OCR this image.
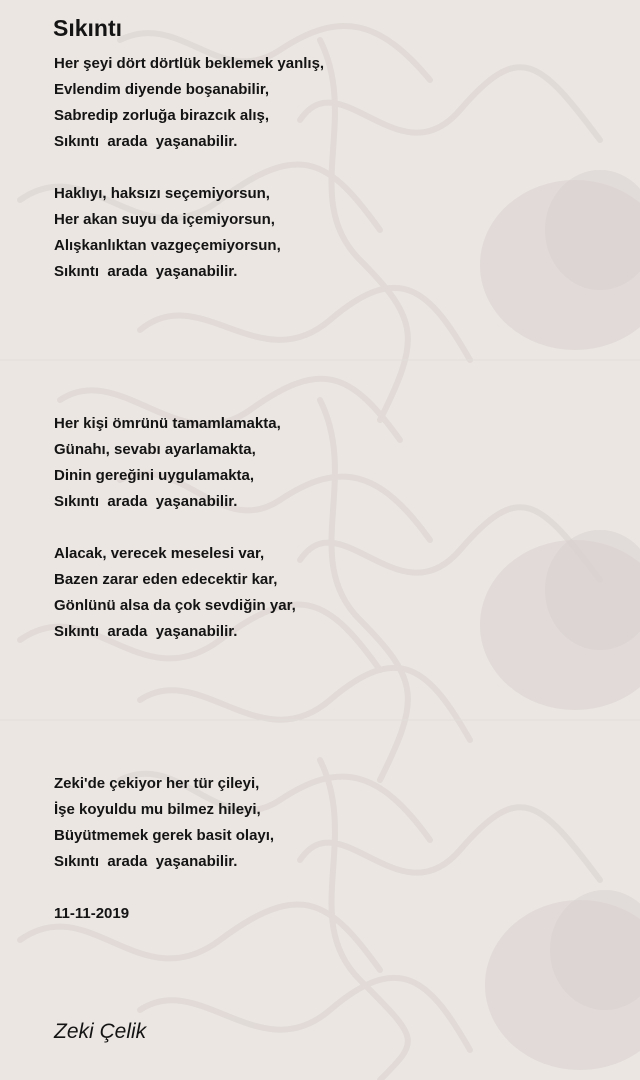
Sıkıntı
Her şeyi dört dörtlük beklemek yanlış,
Evlendim diyende boşanabilir,
Sabredip zorluğa birazcık alış,
Sıkıntı  arada  yaşanabilir.
Haklıyı, haksızı seçemiyorsun,
Her akan suyu da içemiyorsun,
Alışkanlıktan vazgeçemiyorsun,
Sıkıntı  arada  yaşanabilir.
Her kişi ömrünü tamamlamakta,
Günahı, sevabı ayarlamakta,
Dinin gereğini uygulamakta,
Sıkıntı  arada  yaşanabilir.
Alacak, verecek meselesi var,
Bazen zarar eden edecektir kar,
Gönlünü alsa da çok sevdiğin yar,
Sıkıntı  arada  yaşanabilir.
Zeki'de çekiyor her tür çileyi,
İşe koyuldu mu bilmez hileyi,
Büyütmemek gerek basit olayı,
Sıkıntı  arada  yaşanabilir.
11-11-2019
Zeki Çelik
